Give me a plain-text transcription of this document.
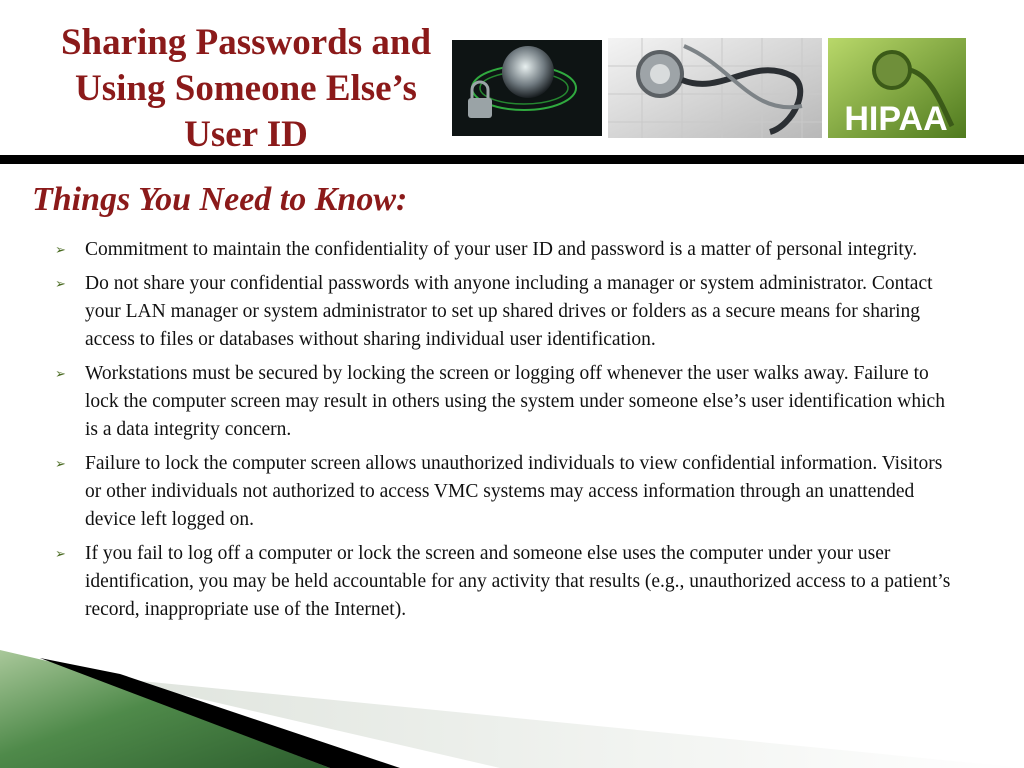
Sharing Passwords and
Using Someone Else’s
User ID	HIPAA
Things You Need to Know:
➢ Commitment to maintain the confidentiality of your user ID and password is a matter of personal integrity.
➢ Do not share your confidential passwords with anyone including a manager or system administrator. Contact your LAN manager or system administrator to set up shared drives or folders as a secure means for sharing access to files or databases without sharing individual user identification.
➢ Workstations must be secured by locking the screen or logging off whenever the user walks away. Failure to lock the computer screen may result in others using the system under someone else’s user identification which is a data integrity concern.
➢ Failure to lock the computer screen allows unauthorized individuals to view confidential information. Visitors or other individuals not authorized to access VMC systems may access information through an unattended device left logged on.
➢ If you fail to log off a computer or lock the screen and someone else uses the computer under your user identification, you may be held accountable for any activity that results (e.g., unauthorized access to a patient’s record, inappropriate use of the Internet).
